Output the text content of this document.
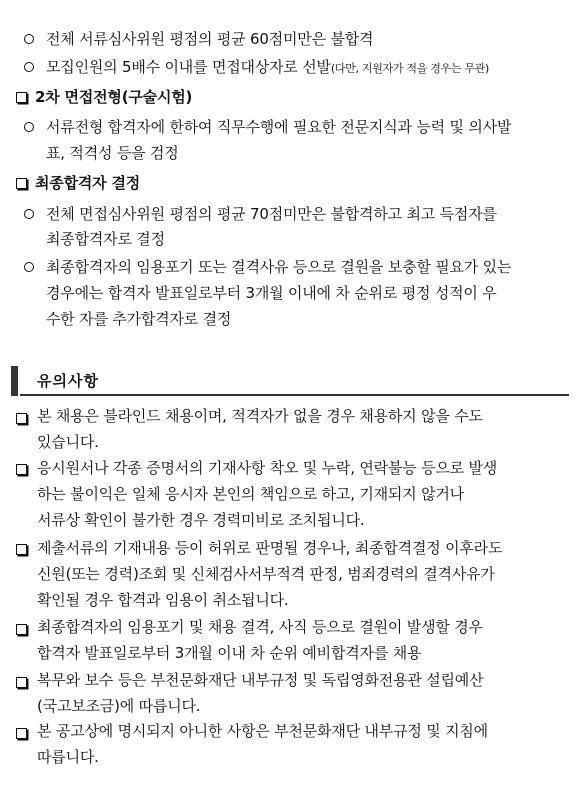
전체 서류심사위원 평점의 평균 60점미만은 불합격
모집인원의 5배수 이내를 면접대상자로 선발(다만, 지원자가 적을 경우는 무관)
2차 면접전형(구술시험)
서류전형 합격자에 한하여 직무수행에 필요한 전문지식과 능력 및 의사발
표, 적격성 등을 검정
최종합격자 결정
전체 면접심사위원 평점의 평균 70점미만은 불합격하고 최고 득점자를
최종합격자로 결정
최종합격자의 임용포기 또는 결격사유 등으로 결원을 보충할 필요가 있는
경우에는 합격자 발표일로부터 3개월 이내에 차 순위로 평정 성적이 우
수한 자를 추가합격자로 결정
유의사항
본 채용은 블라인드 채용이며, 적격자가 없을 경우 채용하지 않을 수도
있습니다.
응시원서나 각종 증명서의 기재사항 착오 및 누락, 연락불능 등으로 발생
하는 불이익은 일체 응시자 본인의 책임으로 하고, 기재되지 않거나
서류상 확인이 불가한 경우 경력미비로 조치됩니다.
제출서류의 기재내용 등이 허위로 판명될 경우나, 최종합격결정 이후라도
신원(또는 경력)조회 및 신체검사서부적격 판정, 범죄경력의 결격사유가
확인될 경우 합격과 임용이 취소됩니다.
최종합격자의 임용포기 및 채용 결격, 사직 등으로 결원이 발생할 경우
합격자 발표일로부터 3개월 이내 차 순위 예비합격자를 채용
복무와 보수 등은 부천문화재단 내부규정 및 독립영화전용관 설립예산
(국고보조금)에 따릅니다.
본 공고상에 명시되지 아니한 사항은 부천문화재단 내부규정 및 지침에
따릅니다.
